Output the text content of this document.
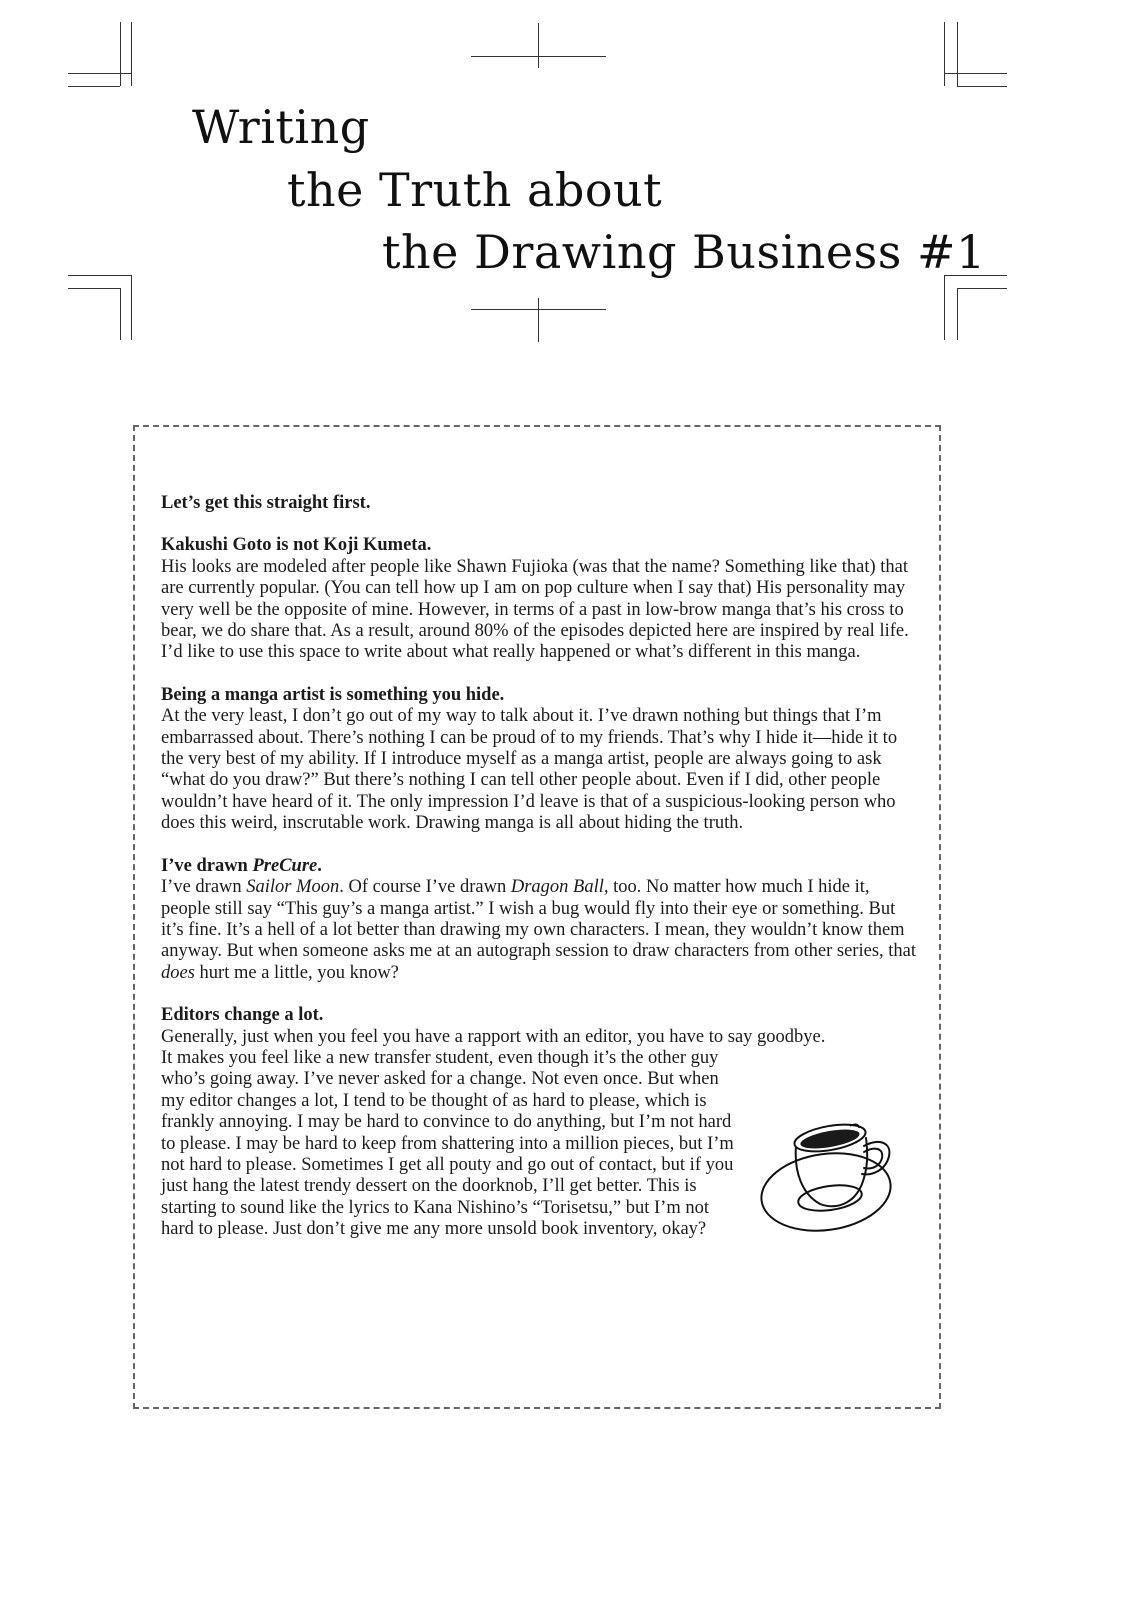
Writing
the Truth about
the Drawing Business #1
Let’s get this straight first.
Kakushi Goto is not Koji Kumeta.
His looks are modeled after people like Shawn Fujioka (was that the name? Something like that) that are currently popular. (You can tell how up I am on pop culture when I say that) His personality may very well be the opposite of mine. However, in terms of a past in low-brow manga that’s his cross to bear, we do share that. As a result, around 80% of the episodes depicted here are inspired by real life. I’d like to use this space to write about what really happened or what’s different in this manga.
Being a manga artist is something you hide.
At the very least, I don’t go out of my way to talk about it. I’ve drawn nothing but things that I’m embarrassed about. There’s nothing I can be proud of to my friends. That’s why I hide it—hide it to the very best of my ability. If I introduce myself as a manga artist, people are always going to ask “what do you draw?” But there’s nothing I can tell other people about. Even if I did, other people wouldn’t have heard of it. The only impression I’d leave is that of a suspicious-looking person who does this weird, inscrutable work. Drawing manga is all about hiding the truth.
I’ve drawn PreCure.
I’ve drawn Sailor Moon. Of course I’ve drawn Dragon Ball, too. No matter how much I hide it, people still say “This guy’s a manga artist.” I wish a bug would fly into their eye or something. But it’s fine. It’s a hell of a lot better than drawing my own characters. I mean, they wouldn’t know them anyway. But when someone asks me at an autograph session to draw characters from other series, that does hurt me a little, you know?
Editors change a lot.
Generally, just when you feel you have a rapport with an editor, you have to say goodbye.
It makes you feel like a new transfer student, even though it’s the other guy who’s going away. I’ve never asked for a change. Not even once. But when my editor changes a lot, I tend to be thought of as hard to please, which is frankly annoying. I may be hard to convince to do anything, but I’m not hard to please. I may be hard to keep from shattering into a million pieces, but I’m not hard to please. Sometimes I get all pouty and go out of contact, but if you just hang the latest trendy dessert on the doorknob, I’ll get better. This is starting to sound like the lyrics to Kana Nishino’s “Torisetsu,” but I’m not hard to please. Just don’t give me any more unsold book inventory, okay?
